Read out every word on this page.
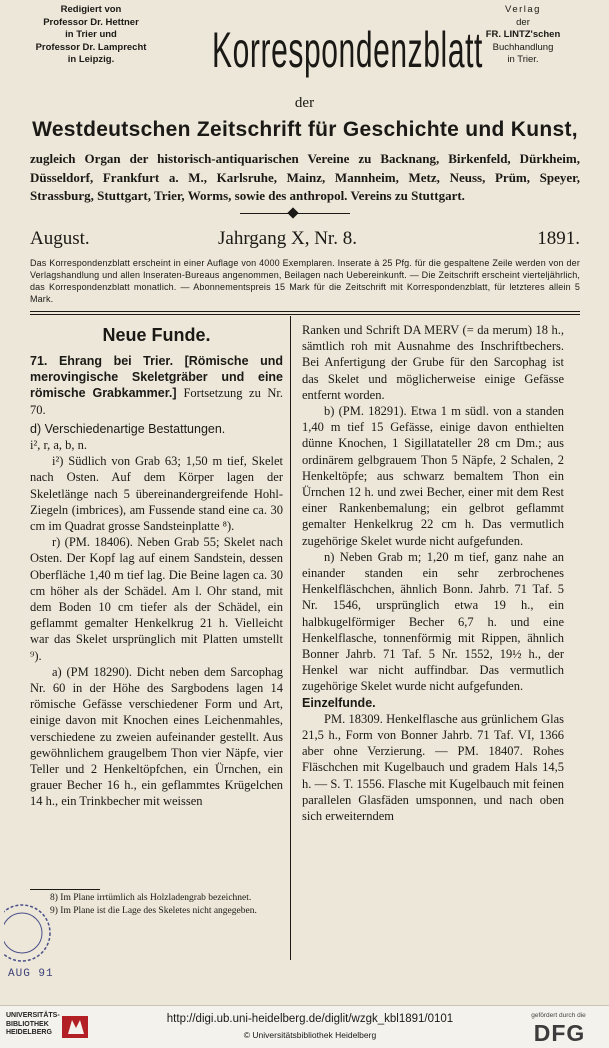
Redigiert von
Professor Dr. Hettner
in Trier und
Professor Dr. Lamprecht
in Leipzig.	Korrespondenzblatt
Verlag
der
FR. LINTZ'schen
Buchhandlung
in Trier.
der
Westdeutschen Zeitschrift für Geschichte und Kunst,
zugleich Organ der historisch-antiquarischen Vereine zu Backnang, Birkenfeld, Dürkheim, Düsseldorf, Frankfurt a. M., Karlsruhe, Mainz, Mannheim, Metz, Neuss, Prüm, Speyer, Strassburg, Stuttgart, Trier, Worms, sowie des anthropol. Vereins zu Stuttgart.
August.	Jahrgang X, Nr. 8.	1891.
Das Korrespondenzblatt erscheint in einer Auflage von 4000 Exemplaren. Inserate à 25 Pfg. für die gespaltene Zeile werden von der Verlagshandlung und allen Inseraten-Bureaus angenommen, Beilagen nach Uebereinkunft. — Die Zeitschrift erscheint vierteljährlich, das Korrespondenzblatt monatlich. — Abonnementspreis 15 Mark für die Zeitschrift mit Korrespondenzblatt, für letzteres allein 5 Mark.
Neue Funde.

71. Ehrang bei Trier. [Römische und merovingische Skeletgräber und eine römische Grabkammer.] Fortsetzung zu Nr. 70.

d) Verschiedenartige Bestattungen.

i², r, a, b, n.

i²) Südlich von Grab 63; 1,50 m tief, Skelet nach Osten. Auf dem Körper lagen der Skeletlänge nach 5 übereinandergreifende Hohl-Ziegeln (imbrices), am Fussende stand eine ca. 30 cm im Quadrat grosse Sandsteinplatte ⁸).

r) (PM. 18406). Neben Grab 55; Skelet nach Osten. Der Kopf lag auf einem Sandstein, dessen Oberfläche 1,40 m tief lag. Die Beine lagen ca. 30 cm höher als der Schädel. Am l. Ohr stand, mit dem Boden 10 cm tiefer als der Schädel, ein geflammt gemalter Henkelkrug 21 h. Vielleicht war das Skelet ursprünglich mit Platten umstellt ⁹).

a) (PM 18290). Dicht neben dem Sarcophag Nr. 60 in der Höhe des Sargbodens lagen 14 römische Gefässe verschiedener Form und Art, einige davon mit Knochen eines Leichenmahles, verschiedene zu zweien aufeinander gestellt. Aus gewöhnlichem graugelbem Thon vier Näpfe, vier Teller und 2 Henkeltöpfchen, ein Ürnchen, ein grauer Becher 16 h., ein geflammtes Krügelchen 14 h., ein Trinkbecher mit weissen

8) Im Plane irrtümlich als Holzladengrab bezeichnet.

9) Im Plane ist die Lage des Skeletes nicht angegeben.

Ranken und Schrift DA MERV (= da merum) 18 h., sämtlich roh mit Ausnahme des Inschriftbechers. Bei Anfertigung der Grube für den Sarcophag ist das Skelet und möglicherweise einige Gefässe entfernt worden.

b) (PM. 18291). Etwa 1 m südl. von a standen 1,40 m tief 15 Gefässe, einige davon enthielten dünne Knochen, 1 Sigillatateller 28 cm Dm.; aus ordinärem gelbgrauem Thon 5 Näpfe, 2 Schalen, 2 Henkeltöpfe; aus schwarz bemaltem Thon ein Ürnchen 12 h. und zwei Becher, einer mit dem Rest einer Rankenbemalung; ein gelbrot geflammt gemalter Henkelkrug 22 cm h. Das vermutlich zugehörige Skelet wurde nicht aufgefunden.

n) Neben Grab m; 1,20 m tief, ganz nahe an einander standen ein sehr zerbrochenes Henkelfläschchen, ähnlich Bonn. Jahrb. 71 Taf. 5 Nr. 1546, ursprünglich etwa 19 h., ein halbkugelförmiger Becher 6,7 h. und eine Henkelflasche, tonnenförmig mit Rippen, ähnlich Bonner Jahrb. 71 Taf. 5 Nr. 1552, 19½ h., der Henkel war nicht auffindbar. Das vermutlich zugehörige Skelet wurde nicht aufgefunden.

Einzelfunde.

PM. 18309. Henkelflasche aus grünlichem Glas 21,5 h., Form von Bonner Jahrb. 71 Taf. VI, 1366 aber ohne Verzierung. — PM. 18407. Rohes Fläschchen mit Kugelbauch und gradem Hals 14,5 h. — S. T. 1556. Flasche mit Kugelbauch mit feinen parallelen Glasfäden umsponnen, und nach oben sich erweiterndem

AUG 91
UNIVERSITÄTS-BIBLIOTHEK HEIDELBERG
http://digi.ub.uni-heidelberg.de/diglit/wzgk_kbl1891/0101
© Universitätsbibliothek Heidelberg
gefördert durch die
DFG
